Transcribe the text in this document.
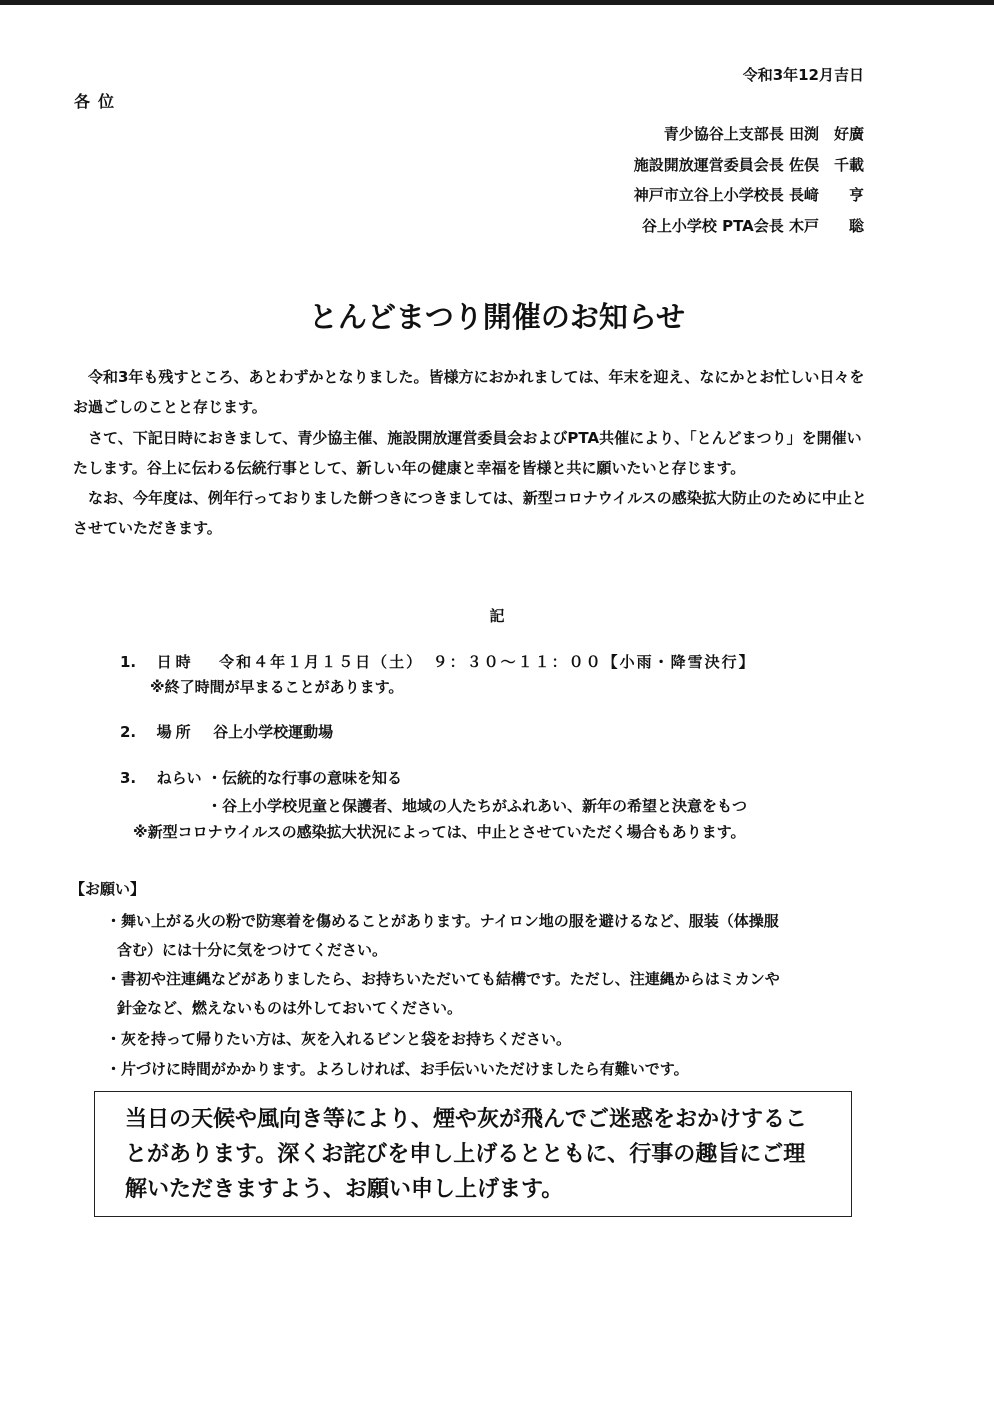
令和3年12月吉日
各位
青少協谷上支部長 田渕　好廣
施設開放運営委員会長 佐俣　千載
神戸市立谷上小学校長 長﨑　　亨
谷上小学校 PTA会長 木戸　　聡
とんどまつり開催のお知らせ

令和3年も残すところ、あとわずかとなりました。皆様方におかれましては、年末を迎え、なにかとお忙しい日々をお過ごしのことと存じます。

さて、下記日時におきまして、青少協主催、施設開放運営委員会およびPTA共催により、「とんどまつり」を開催いたします。谷上に伝わる伝統行事として、新しい年の健康と幸福を皆様と共に願いたいと存じます。

なお、今年度は、例年行っておりました餅つきにつきましては、新型コロナウイルスの感染拡大防止のために中止とさせていただきます。

記
1. 日時 令和４年１月１５日（土）　９：３０～１１：００【小雨・降雪決行】
※終了時間が早まることがあります。
2. 場所 谷上小学校運動場
3. ねらい ・伝統的な行事の意味を知る
・谷上小学校児童と保護者、地域の人たちがふれあい、新年の希望と決意をもつ
※新型コロナウイルスの感染拡大状況によっては、中止とさせていただく場合もあります。
【お願い】
・舞い上がる火の粉で防寒着を傷めることがあります。ナイロン地の服を避けるなど、服装（体操服
含む）には十分に気をつけてください。
・書初や注連縄などがありましたら、お持ちいただいても結構です。ただし、注連縄からはミカンや
針金など、燃えないものは外しておいてください。
・灰を持って帰りたい方は、灰を入れるビンと袋をお持ちください。
・片づけに時間がかかります。よろしければ、お手伝いいただけましたら有難いです。
当日の天候や風向き等により、煙や灰が飛んでご迷惑をおかけすることがあります。深くお詫びを申し上げるとともに、行事の趣旨にご理解いただきますよう、お願い申し上げます。
